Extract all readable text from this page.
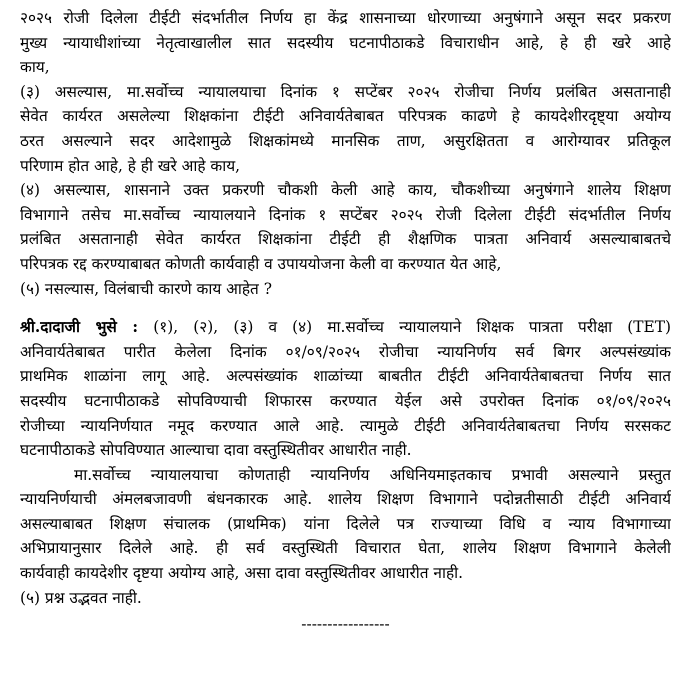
२०२५ रोजी दिलेला टीईटी संदर्भातील निर्णय हा केंद्र शासनाच्या धोरणाच्या अनुषंगाने असून सदर प्रकरण
मुख्य न्यायाधीशांच्या नेतृत्वाखालील सात सदस्यीय घटनापीठाकडे विचाराधीन आहे, हे ही खरे आहे
काय,
(३) असल्यास, मा.सर्वोच्च न्यायालयाचा दिनांक १ सप्टेंबर २०२५ रोजीचा निर्णय प्रलंबित असतानाही
सेवेत कार्यरत असलेल्या शिक्षकांना टीईटी अनिवार्यतेबाबत परिपत्रक काढणे हे कायदेशीरदृष्ट्या अयोग्य
ठरत असल्याने सदर आदेशामुळे शिक्षकांमध्ये मानसिक ताण, असुरक्षितता व आरोग्यावर प्रतिकूल
परिणाम होत आहे, हे ही खरे आहे काय,
(४) असल्यास, शासनाने उक्त प्रकरणी चौकशी केली आहे काय, चौकशीच्या अनुषंगाने शालेय शिक्षण
विभागाने तसेच मा.सर्वोच्च न्यायालयाने दिनांक १ सप्टेंबर २०२५ रोजी दिलेला टीईटी संदर्भातील निर्णय
प्रलंबित असतानाही सेवेत कार्यरत शिक्षकांना टीईटी ही शैक्षणिक पात्रता अनिवार्य असल्याबाबतचे
परिपत्रक रद्द करण्याबाबत कोणती कार्यवाही व उपाययोजना केली वा करण्यात येत आहे,
(५) नसल्यास, विलंबाची कारणे काय आहेत ?
श्री.दादाजी भुसे : (१), (२), (३) व (४) मा.सर्वोच्च न्यायालयाने शिक्षक पात्रता परीक्षा (TET)
अनिवार्यतेबाबत पारीत केलेला दिनांक ०१/०९/२०२५ रोजीचा न्यायनिर्णय सर्व बिगर अल्पसंख्यांक
प्राथमिक शाळांना लागू आहे. अल्पसंख्यांक शाळांच्या बाबतीत टीईटी अनिवार्यतेबाबतचा निर्णय सात
सदस्यीय घटनापीठाकडे सोपविण्याची शिफारस करण्यात येईल असे उपरोक्त दिनांक ०१/०९/२०२५
रोजीच्या न्यायनिर्णयात नमूद करण्यात आले आहे. त्यामुळे टीईटी अनिवार्यतेबाबतचा निर्णय सरसकट
घटनापीठाकडे सोपविण्यात आल्याचा दावा वस्तुस्थितीवर आधारीत नाही.
मा.सर्वोच्च न्यायालयाचा कोणताही न्यायनिर्णय अधिनियमाइतकाच प्रभावी असल्याने प्रस्तुत
न्यायनिर्णयाची अंमलबजावणी बंधनकारक आहे. शालेय शिक्षण विभागाने पदोन्नतीसाठी टीईटी अनिवार्य
असल्याबाबत शिक्षण संचालक (प्राथमिक) यांना दिलेले पत्र राज्याच्या विधि व न्याय विभागाच्या
अभिप्रायानुसार दिलेले आहे. ही सर्व वस्तुस्थिती विचारात घेता, शालेय शिक्षण विभागाने केलेली
कार्यवाही कायदेशीर दृष्टया अयोग्य आहे, असा दावा वस्तुस्थितीवर आधारीत नाही.
(५) प्रश्न उद्भवत नाही.
-----------------
